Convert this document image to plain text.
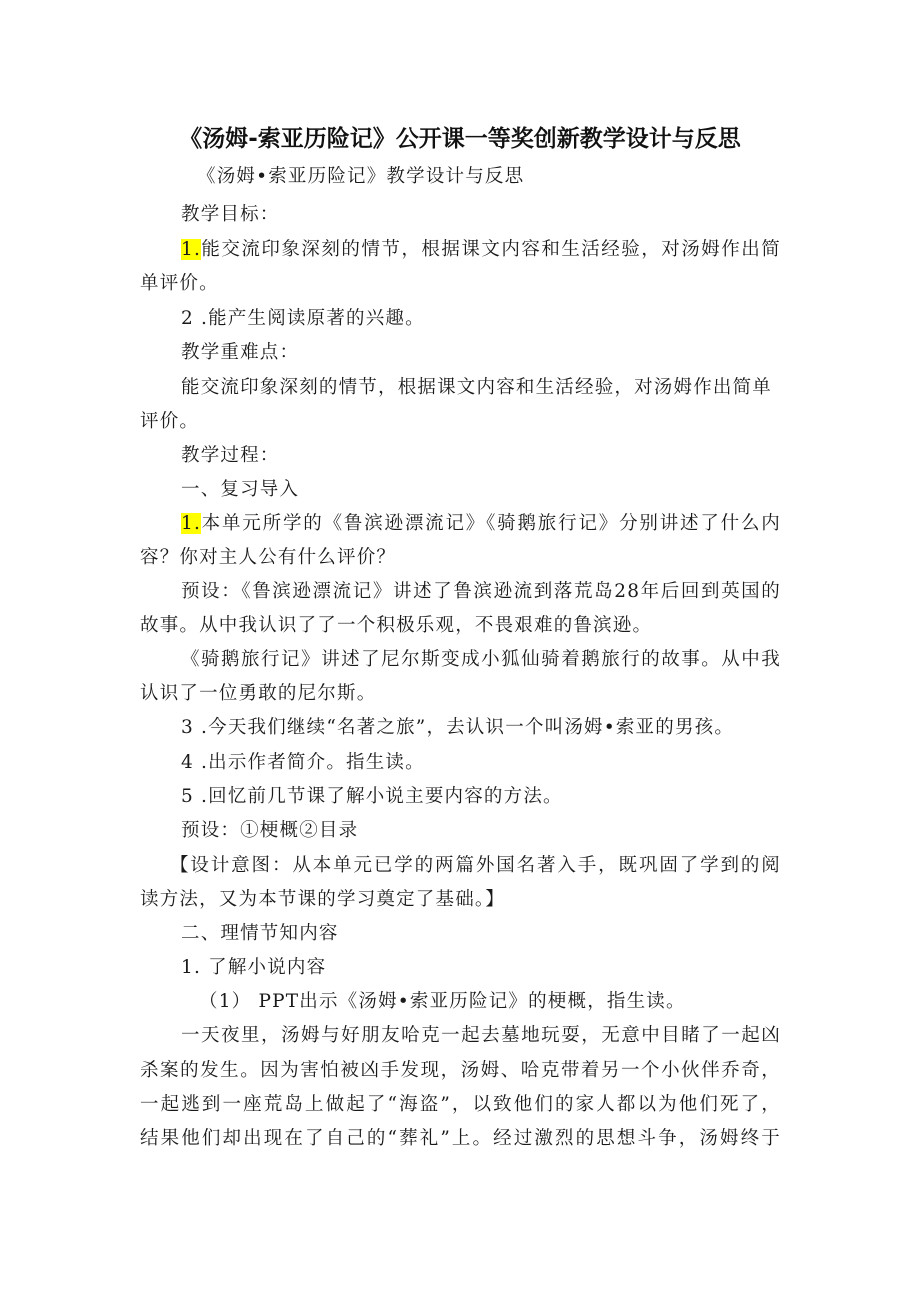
《汤姆-索亚历险记》公开课一等奖创新教学设计与反思
《汤姆•索亚历险记》教学设计与反思
教学目标：
1.能交流印象深刻的情节，根据课文内容和生活经验，对汤姆作出简
单评价。
2 .能产生阅读原著的兴趣。
教学重难点：
能交流印象深刻的情节，根据课文内容和生活经验，对汤姆作出简单
评价。
教学过程：
一、复习导入
1.本单元所学的《鲁滨逊漂流记》《骑鹅旅行记》分别讲述了什么内
容？你对主人公有什么评价？
预设：《鲁滨逊漂流记》讲述了鲁滨逊流到落荒岛28年后回到英国的
故事。从中我认识了了一个积极乐观，不畏艰难的鲁滨逊。
《骑鹅旅行记》讲述了尼尔斯变成小狐仙骑着鹅旅行的故事。从中我
认识了一位勇敢的尼尔斯。
3 .今天我们继续“名著之旅”，去认识一个叫汤姆•索亚的男孩。
4 .出示作者简介。指生读。
5 .回忆前几节课了解小说主要内容的方法。
预设：①梗概②目录
【设计意图：从本单元已学的两篇外国名著入手，既巩固了学到的阅
读方法，又为本节课的学习奠定了基础。】
二、理情节知内容
1. 了解小说内容
（1） PPT出示《汤姆•索亚历险记》的梗概，指生读。
一天夜里，汤姆与好朋友哈克一起去墓地玩耍，无意中目睹了一起凶
杀案的发生。因为害怕被凶手发现，汤姆、哈克带着另一个小伙伴乔奇，
一起逃到一座荒岛上做起了“海盗”，以致他们的家人都以为他们死了，
结果他们却出现在了自己的“葬礼”上。经过激烈的思想斗争，汤姆终于
